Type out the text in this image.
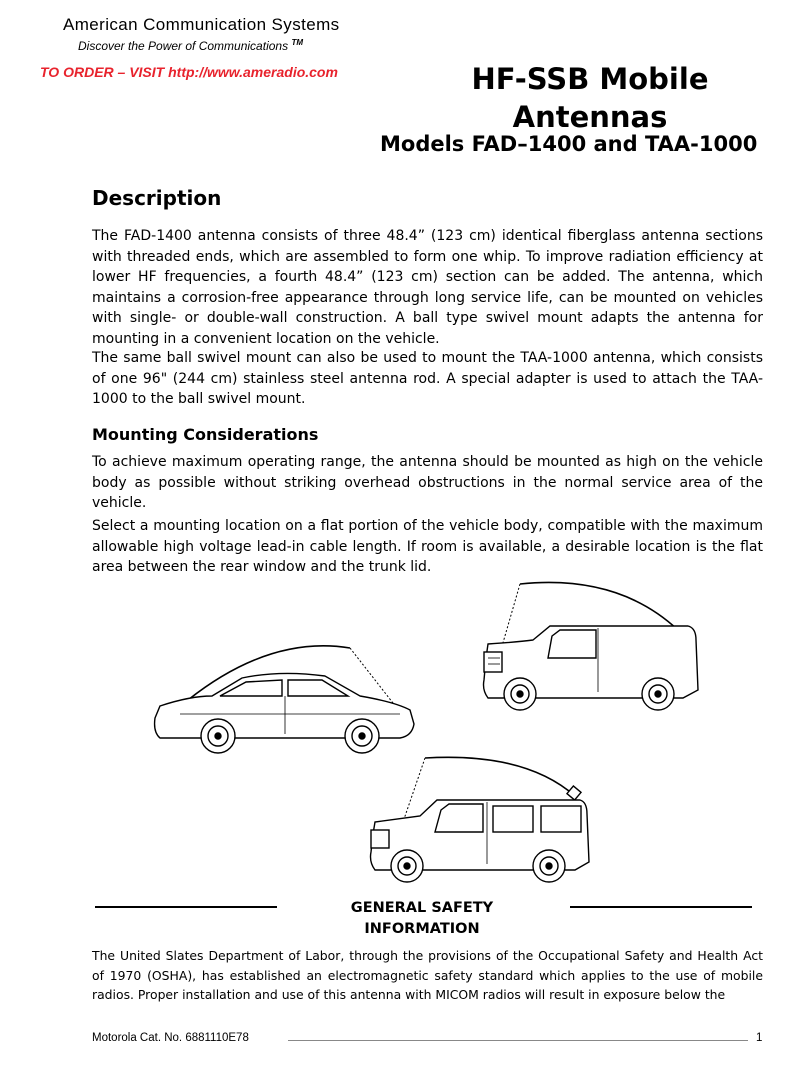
American Communication Systems
Discover the Power of Communications ™
TO ORDER – VISIT http://www.ameradio.com	HF-SSB Mobile
Antennas
Models FAD–1400 and TAA-1000
Description

The FAD-1400 antenna consists of three 48.4” (123 cm) identical fiberglass antenna sections with threaded ends, which are assembled to form one whip. To improve radiation efficiency at lower HF frequencies, a fourth 48.4” (123 cm) section can be added. The antenna, which maintains a corrosion-free appearance through long service life, can be mounted on vehicles with single- or double-wall construction. A ball type swivel mount adapts the antenna for mounting in a convenient location on the vehicle.

The same ball swivel mount can also be used to mount the TAA-1000 antenna, which consists of one 96" (244 cm) stainless steel antenna rod. A special adapter is used to attach the TAA-1000 to the ball swivel mount.

Mounting Considerations

To achieve maximum operating range, the antenna should be mounted as high on the vehicle body as possible without striking overhead obstructions in the normal service area of the vehicle.

Select a mounting location on a flat portion of the vehicle body, compatible with the maximum allowable high voltage lead-in cable length. If room is available, a desirable location is the flat area between the rear window and the trunk lid.

GENERAL SAFETY INFORMATION

The United Slates Department of Labor, through the provisions of the Occupational Safety and Health Act of 1970 (OSHA), has established an electromagnetic safety standard which applies to the use of mobile radios. Proper installation and use of this antenna with MICOM radios will result in exposure below the

Motorola Cat. No. 6881110E78	1
